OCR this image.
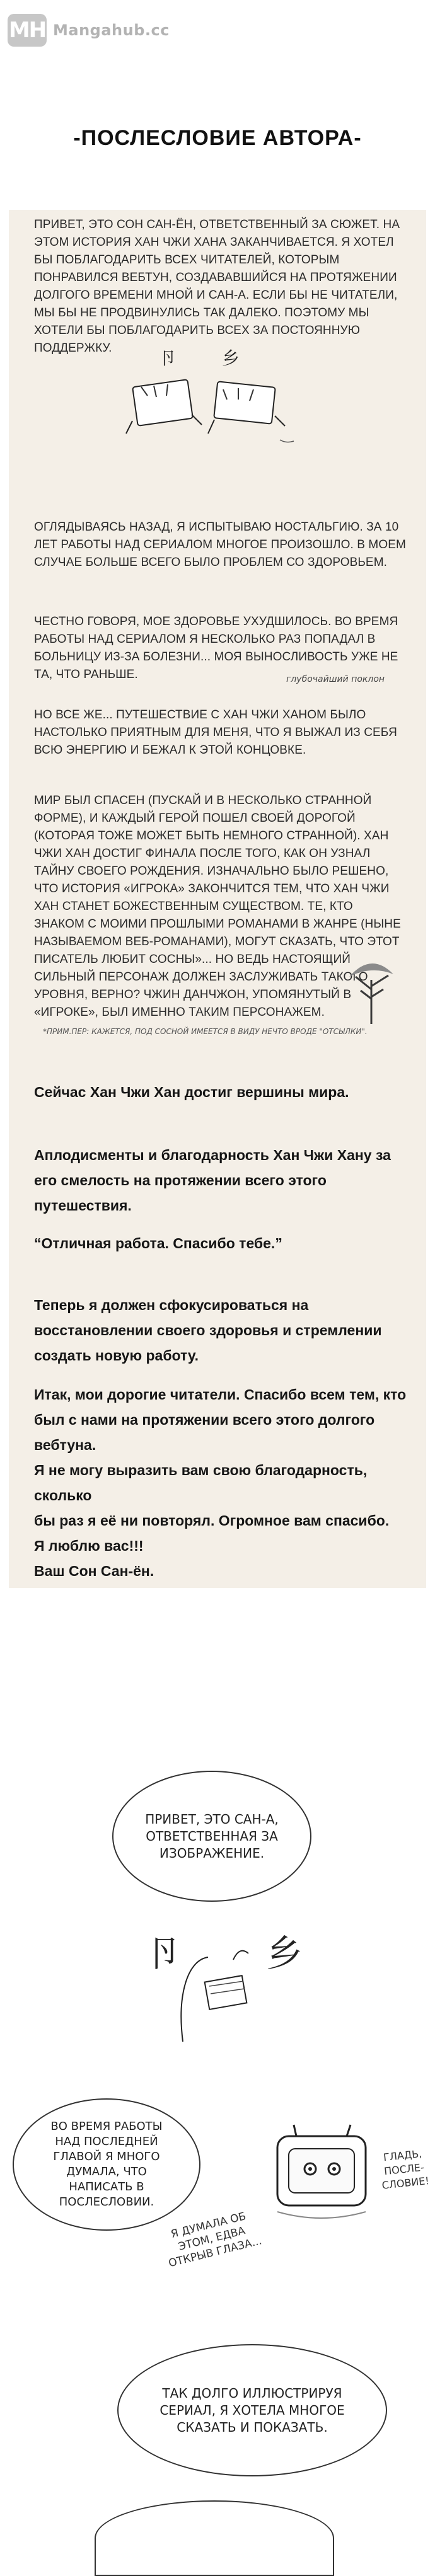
MH Mangahub.cc
-ПОСЛЕСЛОВИЕ АВТОРА-

ПРИВЕТ, ЭТО СОН САН-ЁН, ОТВЕТСТВЕННЫЙ ЗА СЮЖЕТ. НА ЭТОМ ИСТОРИЯ ХАН ЧЖИ ХАНА ЗАКАНЧИВАЕТСЯ. Я ХОТЕЛ БЫ ПОБЛАГОДАРИТЬ ВСЕХ ЧИТАТЕЛЕЙ, КОТОРЫМ ПОНРАВИЛСЯ ВЕБТУН, СОЗДАВАВШИЙСЯ НА ПРОТЯЖЕНИИ ДОЛГОГО ВРЕМЕНИ МНОЙ И САН-А. ЕСЛИ БЫ НЕ ЧИТАТЕЛИ, МЫ БЫ НЕ ПРОДВИНУЛИСЬ ТАК ДАЛЕКО. ПОЭТОМУ МЫ ХОТЕЛИ БЫ ПОБЛАГОДАРИТЬ ВСЕХ ЗА ПОСТОЯННУЮ ПОДДЕРЖКУ.	卪	乡
глубочайший поклон

ОГЛЯДЫВАЯСЬ НАЗАД, Я ИСПЫТЫВАЮ НОСТАЛЬГИЮ. ЗА 10 ЛЕТ РАБОТЫ НАД СЕРИАЛОМ МНОГОЕ ПРОИЗОШЛО. В МОЕМ СЛУЧАЕ БОЛЬШЕ ВСЕГО БЫЛО ПРОБЛЕМ СО ЗДОРОВЬЕМ.

ЧЕСТНО ГОВОРЯ, МОЕ ЗДОРОВЬЕ УХУДШИЛОСЬ. ВО ВРЕМЯ РАБОТЫ НАД СЕРИАЛОМ Я НЕСКОЛЬКО РАЗ ПОПАДАЛ В БОЛЬНИЦУ ИЗ-ЗА БОЛЕЗНИ... МОЯ ВЫНОСЛИВОСТЬ УЖЕ НЕ ТА, ЧТО РАНЬШЕ.

НО ВСЕ ЖЕ... ПУТЕШЕСТВИЕ С ХАН ЧЖИ ХАНОМ БЫЛО НАСТОЛЬКО ПРИЯТНЫМ ДЛЯ МЕНЯ, ЧТО Я ВЫЖАЛ ИЗ СЕБЯ ВСЮ ЭНЕРГИЮ И БЕЖАЛ К ЭТОЙ КОНЦОВКЕ.

МИР БЫЛ СПАСЕН (ПУСКАЙ И В НЕСКОЛЬКО СТРАННОЙ ФОРМЕ), И КАЖДЫЙ ГЕРОЙ ПОШЕЛ СВОЕЙ ДОРОГОЙ (КОТОРАЯ ТОЖЕ МОЖЕТ БЫТЬ НЕМНОГО СТРАННОЙ). ХАН ЧЖИ ХАН ДОСТИГ ФИНАЛА ПОСЛЕ ТОГО, КАК ОН УЗНАЛ ТАЙНУ СВОЕГО РОЖДЕНИЯ. ИЗНАЧАЛЬНО БЫЛО РЕШЕНО, ЧТО ИСТОРИЯ «ИГРОКА» ЗАКОНЧИТСЯ ТЕМ, ЧТО ХАН ЧЖИ ХАН СТАНЕТ БОЖЕСТВЕННЫМ СУЩЕСТВОМ. ТЕ, КТО ЗНАКОМ С МОИМИ ПРОШЛЫМИ РОМАНАМИ В ЖАНРЕ (НЫНЕ НАЗЫВАЕМОМ ВЕБ-РОМАНАМИ), МОГУТ СКАЗАТЬ, ЧТО ЭТОТ ПИСАТЕЛЬ ЛЮБИТ СОСНЫ»... НО ВЕДЬ НАСТОЯЩИЙ СИЛЬНЫЙ ПЕРСОНАЖ ДОЛЖЕН ЗАСЛУЖИВАТЬ ТАКОГО УРОВНЯ, ВЕРНО? ЧЖИН ДАНЧЖОН, УПОМЯНУТЫЙ В «ИГРОКЕ», БЫЛ ИМЕННО ТАКИМ ПЕРСОНАЖЕМ.

*ПРИМ.ПЕР: КАЖЕТСЯ, ПОД СОСНОЙ ИМЕЕТСЯ В ВИДУ НЕЧТО ВРОДЕ "ОТСЫЛКИ".

Сейчас Хан Чжи Хан достиг вершины мира.

Аплодисменты и благодарность Хан Чжи Хану за его смелость на протяжении всего этого путешествия.

“Отличная работа. Спасибо тебе.”

Теперь я должен сфокусироваться на восстановлении своего здоровья и стремлении создать новую работу.

Итак, мои дорогие читатели. Спасибо всем тем, кто
был с нами на протяжении всего этого долгого вебтуна.
Я не могу выразить вам свою благодарность, сколько
бы раз я её ни повторял. Огромное вам спасибо.
Я люблю вас!!!
Ваш Сон Сан-ён.
ПРИВЕТ, ЭТО САН-А, ОТВЕТСТВЕННАЯ ЗА ИЗОБРАЖЕНИЕ.
卪 乡
ВО ВРЕМЯ РАБОТЫ НАД ПОСЛЕДНЕЙ ГЛАВОЙ Я МНОГО ДУМАЛА, ЧТО НАПИСАТЬ В ПОСЛЕСЛОВИИ.
ГЛАДЬ, ПОСЛЕ-СЛОВИЕ!
Я ДУМАЛА ОБ ЭТОМ, ЕДВА ОТКРЫВ ГЛАЗА...
ТАК ДОЛГО ИЛЛЮСТРИРУЯ СЕРИАЛ, Я ХОТЕЛА МНОГОЕ СКАЗАТЬ И ПОКАЗАТЬ.
